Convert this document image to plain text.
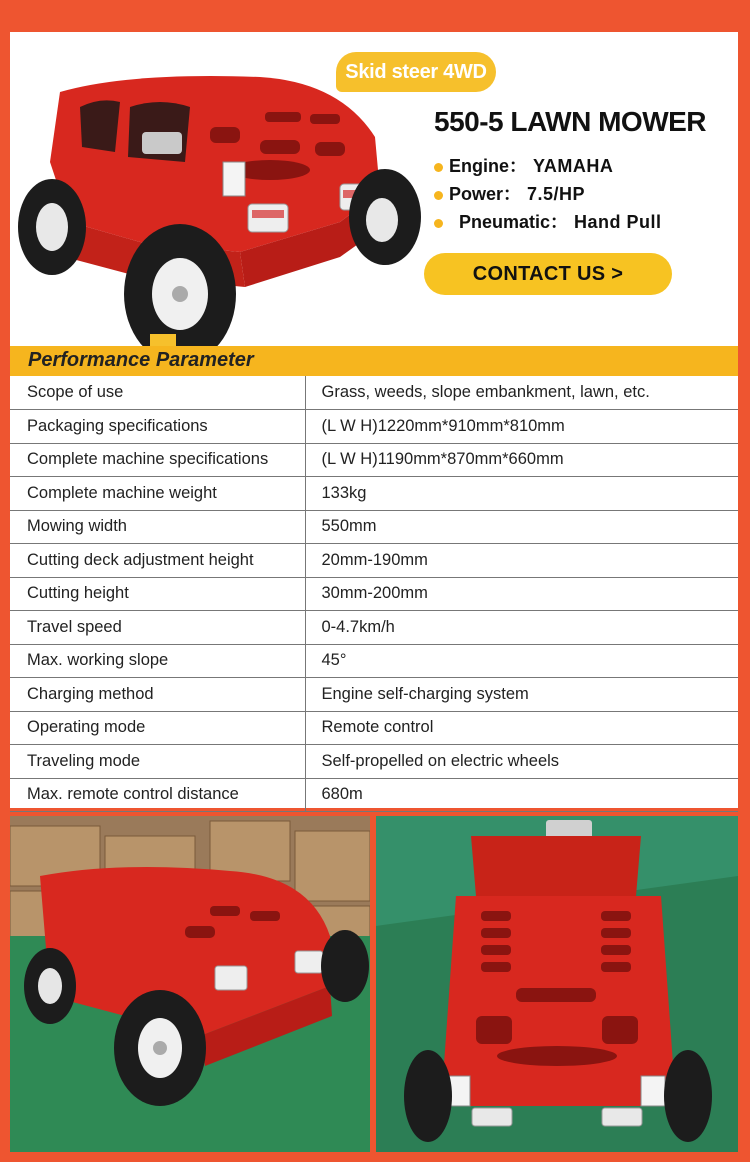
Skid steer 4WD
550-5 LAWN MOWER
Engine： YAMAHA
Power： 7.5/HP
Pneumatic： Hand Pull
CONTACT US >
Performance Parameter
Scope of use	Grass, weeds, slope embankment, lawn, etc.
Packaging specifications	(L W H)1220mm*910mm*810mm
Complete machine specifications	(L W H)1190mm*870mm*660mm
Complete machine weight	133kg
Mowing width	550mm
Cutting deck adjustment height	20mm-190mm
Cutting height	30mm-200mm
Travel speed	0-4.7km/h
Max. working slope	45°
Charging method	Engine self-charging system
Operating mode	Remote control
Traveling mode	Self-propelled on electric wheels
Max. remote control distance	680m
